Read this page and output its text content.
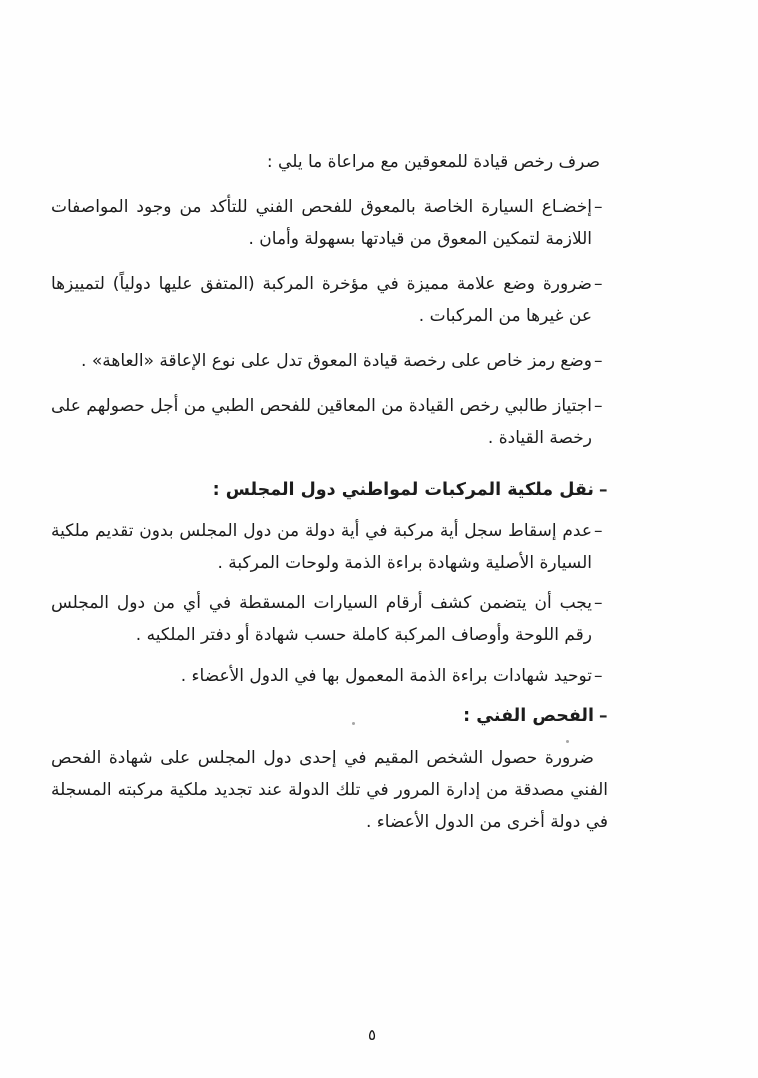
صرف رخص قيادة للمعوقين مع مراعاة ما يلي :

–

إخضـاع السيارة الخاصة بالمعوق للفحص الفني للتأكد من وجود المواصفات اللازمة لتمكين المعوق من قيادتها بسهولة وأمان .

–

ضرورة وضع علامة مميزة في مؤخرة المركبة (المتفق عليها دولياً) لتمييزها عن غيرها من المركبات .

–

وضع رمز خاص على رخصة قيادة المعوق تدل على نوع الإعاقة «العاهة» .

–

اجتياز طالبي رخص القيادة من المعاقين للفحص الطبي من أجل حصولهم على رخصة القيادة .

–

نقل ملكية المركبات لمواطني دول المجلس :

–

عدم إسقاط سجل أية مركبة في أية دولة من دول المجلس بدون تقديم ملكية السيارة الأصلية وشهادة براءة الذمة ولوحات المركبة .

–

يجب أن يتضمن كشف أرقام السيارات المسقطة في أي من دول المجلس رقم اللوحة وأوصاف المركبة كاملة حسب شهادة أو دفتر الملكيه .

–

توحيد شهادات براءة الذمة المعمول بها في الدول الأعضاء .

–

الفحص الفني :

ضرورة حصول الشخص المقيم في إحدى دول المجلس على شهادة الفحص الفني مصدقة من إدارة المرور في تلك الدولة عند تجديد ملكية مركبته المسجلة في دولة أخرى من الدول الأعضاء .

٥
